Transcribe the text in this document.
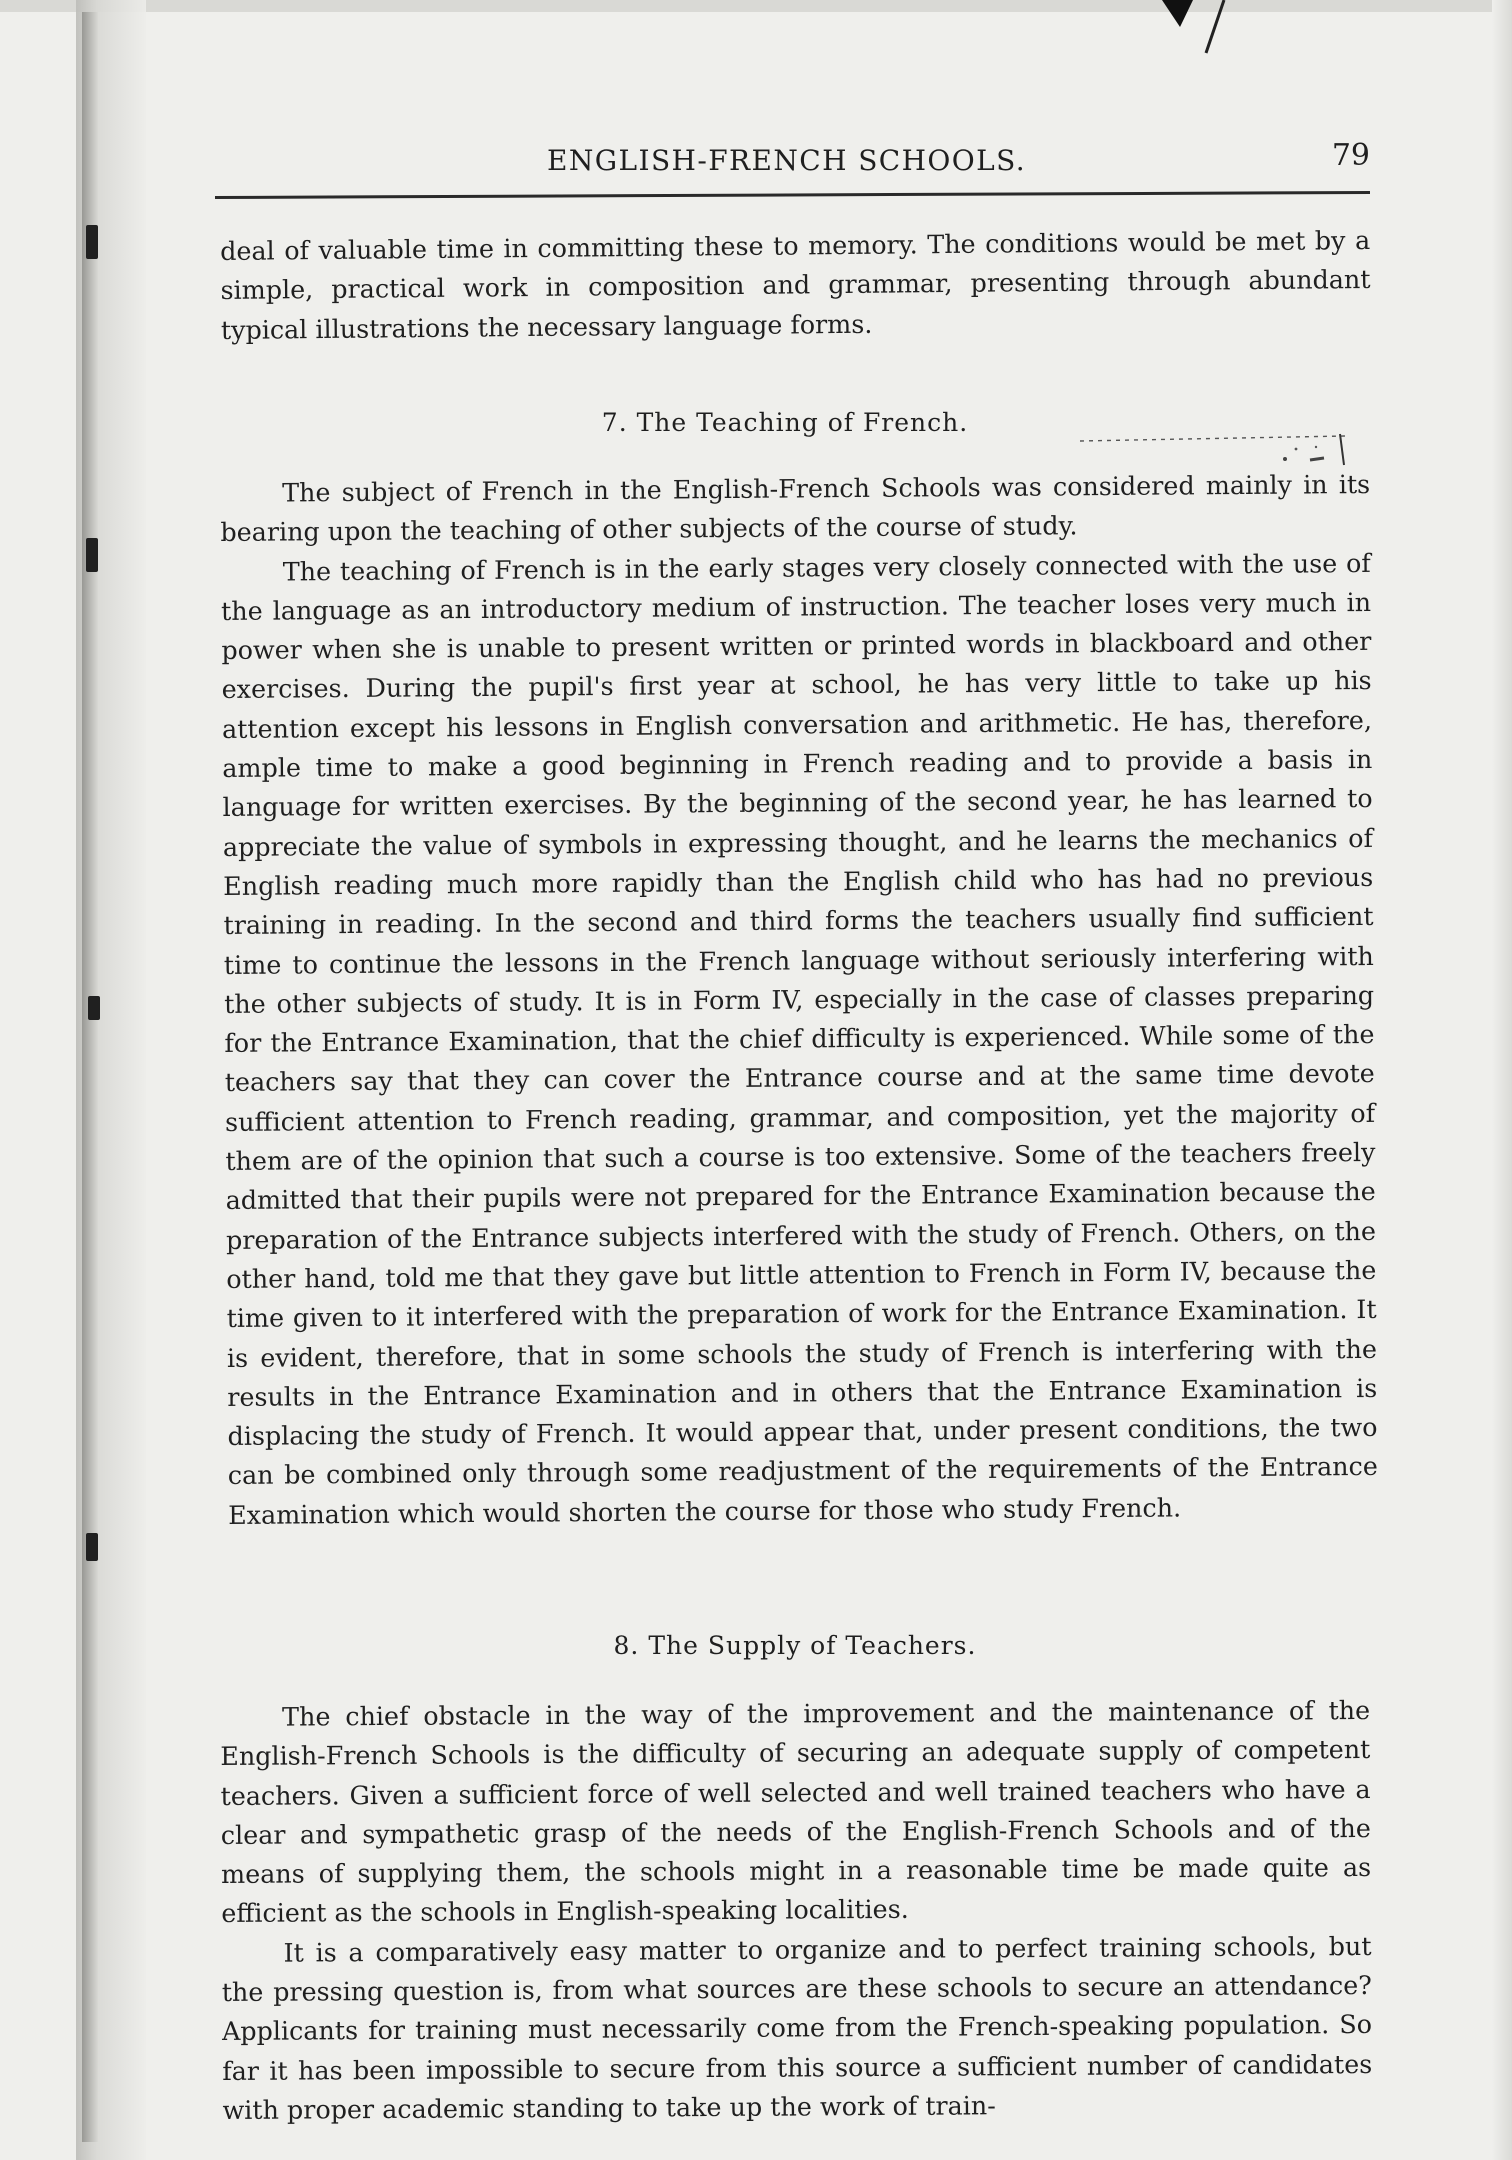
ENGLISH-FRENCH SCHOOLS.	79

deal of valuable time in committing these to memory. The conditions would be met by a simple, practical work in composition and grammar, presenting through abundant typical illustrations the necessary language forms.

7. The Teaching of French.

The subject of French in the English-French Schools was considered mainly in its bearing upon the teaching of other subjects of the course of study.

The teaching of French is in the early stages very closely connected with the use of the language as an introductory medium of instruction. The teacher loses very much in power when she is unable to present written or printed words in blackboard and other exercises. During the pupil's first year at school, he has very little to take up his attention except his lessons in English conversation and arithmetic. He has, therefore, ample time to make a good beginning in French reading and to provide a basis in language for written exercises. By the beginning of the second year, he has learned to appreciate the value of symbols in expressing thought, and he learns the mechanics of English reading much more rapidly than the English child who has had no previous training in reading. In the second and third forms the teachers usually find sufficient time to continue the lessons in the French language without seriously interfering with the other subjects of study. It is in Form IV, especially in the case of classes preparing for the Entrance Examination, that the chief difficulty is experienced. While some of the teachers say that they can cover the Entrance course and at the same time devote sufficient attention to French reading, grammar, and composition, yet the majority of them are of the opinion that such a course is too extensive. Some of the teachers freely admitted that their pupils were not prepared for the Entrance Examination because the preparation of the Entrance subjects interfered with the study of French. Others, on the other hand, told me that they gave but little attention to French in Form IV, because the time given to it interfered with the preparation of work for the Entrance Examination. It is evident, therefore, that in some schools the study of French is interfering with the results in the Entrance Examination and in others that the Entrance Examination is displacing the study of French. It would appear that, under present conditions, the two can be combined only through some readjustment of the requirements of the Entrance Examination which would shorten the course for those who study French.

8. The Supply of Teachers.

The chief obstacle in the way of the improvement and the maintenance of the English-French Schools is the difficulty of securing an adequate supply of competent teachers. Given a sufficient force of well selected and well trained teachers who have a clear and sympathetic grasp of the needs of the English-French Schools and of the means of supplying them, the schools might in a reasonable time be made quite as efficient as the schools in English-speaking localities.

It is a comparatively easy matter to organize and to perfect training schools, but the pressing question is, from what sources are these schools to secure an attendance? Applicants for training must necessarily come from the French-speaking population. So far it has been impossible to secure from this source a sufficient number of candidates with proper academic standing to take up the work of train-
